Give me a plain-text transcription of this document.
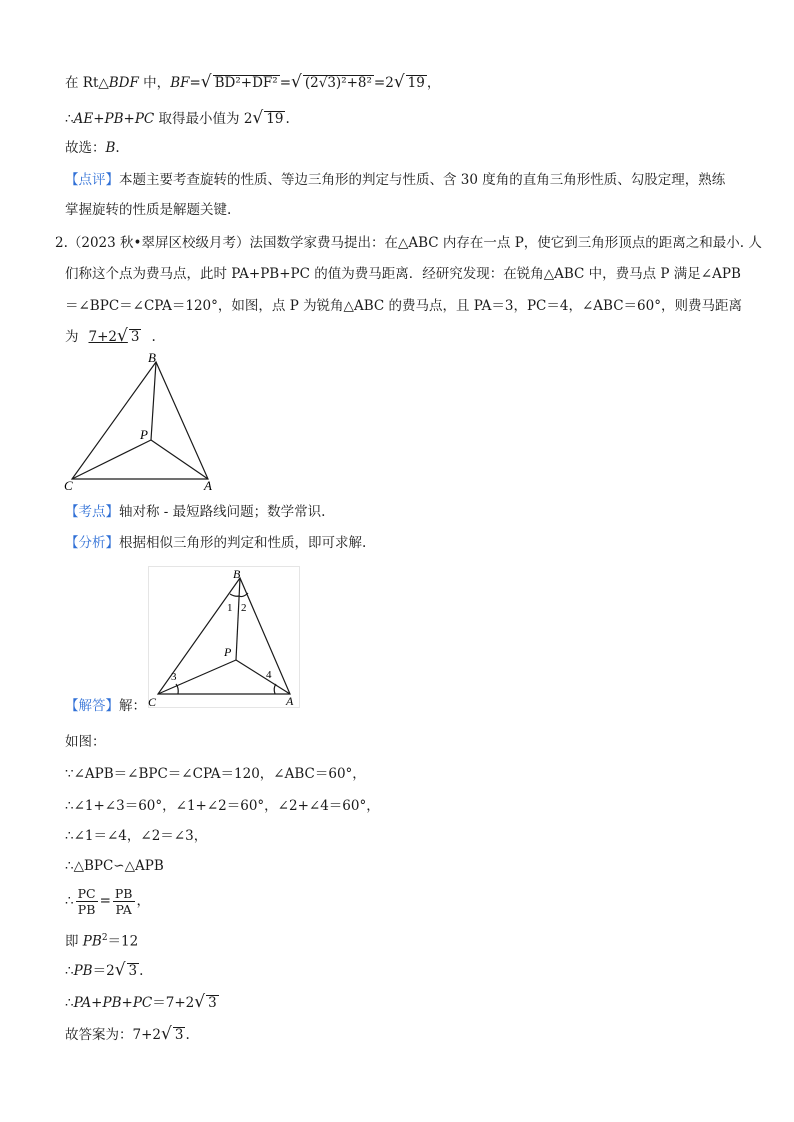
在 Rt△BDF 中，BF=√ BD²+DF² =√ (2√3)²+8² =2√ 19 ，
∴AE+PB+PC 取得最小值为 2√ 19 .
故选：B.
【点评】本题主要考查旋转的性质、等边三角形的判定与性质、含 30 度角的直角三角形性质、勾股定理，熟练
掌握旋转的性质是解题关键.
2.（2023 秋•翠屏区校级月考）法国数学家费马提出：在△ABC 内存在一点 P，使它到三角形顶点的距离之和最小. 人
们称这个点为费马点，此时 PA+PB+PC 的值为费马距离．经研究发现：在锐角△ABC 中，费马点 P 满足∠APB
＝∠BPC＝∠CPA＝120°，如图，点 P 为锐角△ABC 的费马点，且 PA＝3，PC＝4，∠ABC＝60°，则费马距离
为 7+2√ 3 .
B
P
C	A
【考点】轴对称 - 最短路线问题；数学常识.
【分析】根据相似三角形的判定和性质，即可求解.
B
P
C	A
1 2
3	4
【解答】解：
如图：
∵∠APB＝∠BPC＝∠CPA＝120，∠ABC＝60°，
∴∠1+∠3＝60°，∠1+∠2＝60°，∠2+∠4＝60°，
∴∠1＝∠4，∠2＝∠3，
∴△BPC∽△APB
∴ $\frac{PC}{PB} = \frac{PB}{PA}$ ，
即 $PB^2=12$
∴PB＝2√ 3 .
∴PA+PB+PC＝7+2√ 3
故答案为：7+2√ 3 .
